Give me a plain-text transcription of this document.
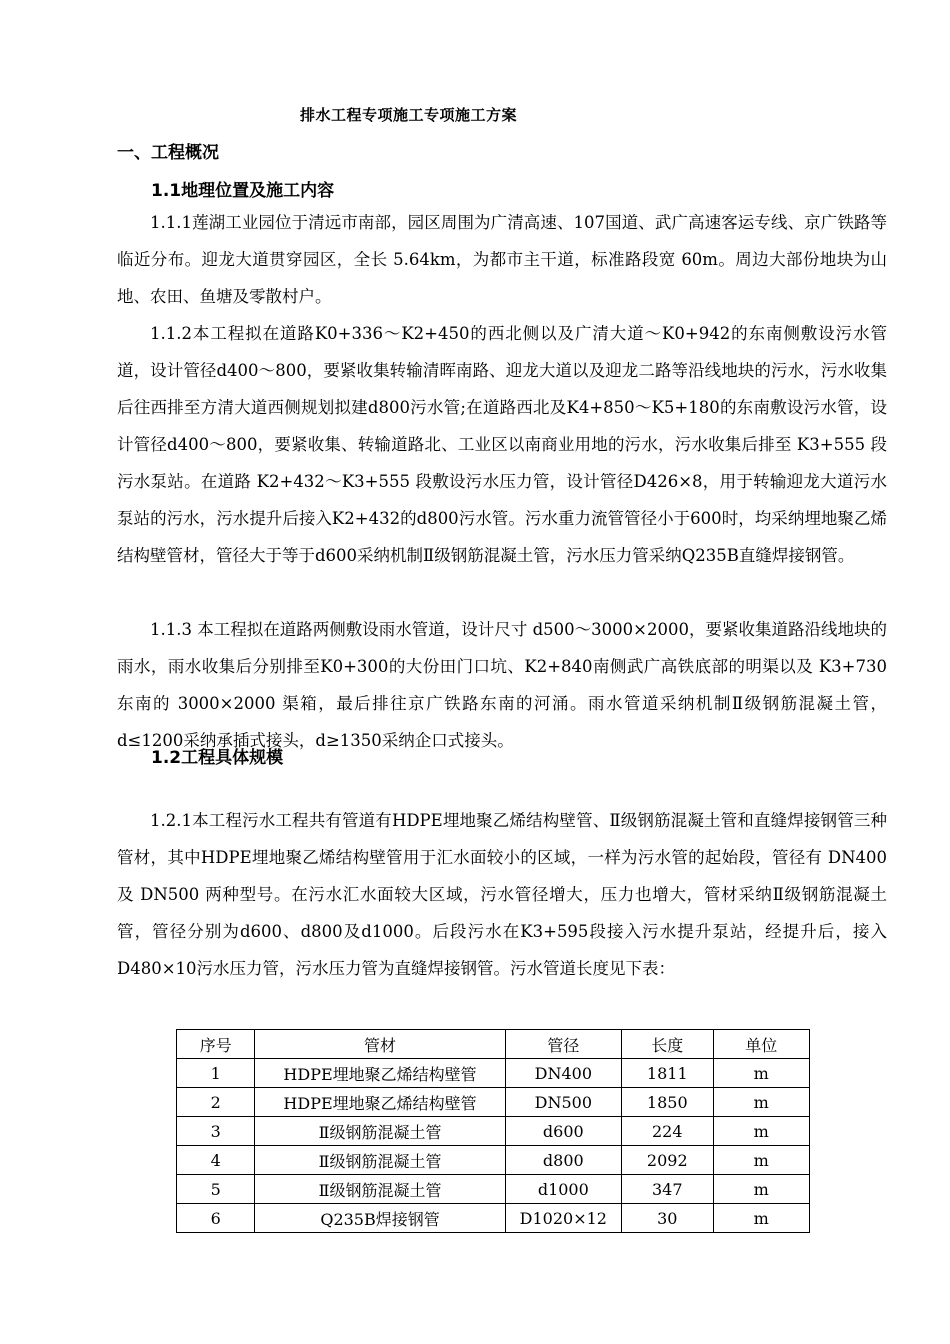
排水工程专项施工专项施工方案
一、工程概况
1.1地理位置及施工内容

1.1.1莲湖工业园位于清远市南部，园区周围为广清高速、107国道、武广高速客运专线、京广铁路等临近分布。迎龙大道贯穿园区，全长 5.64km，为都市主干道，标准路段宽 60m。周边大部份地块为山地、农田、鱼塘及零散村户。

1.1.2本工程拟在道路K0+336～K2+450的西北侧以及广清大道～K0+942的东南侧敷设污水管道，设计管径d400～800，要紧收集转输清晖南路、迎龙大道以及迎龙二路等沿线地块的污水，污水收集后往西排至方清大道西侧规划拟建d800污水管;在道路西北及K4+850～K5+180的东南敷设污水管，设计管径d400～800，要紧收集、转输道路北、工业区以南商业用地的污水，污水收集后排至 K3+555 段污水泵站。在道路 K2+432～K3+555 段敷设污水压力管，设计管径D426×8，用于转输迎龙大道污水泵站的污水，污水提升后接入K2+432的d800污水管。污水重力流管管径小于600时，均采纳埋地聚乙烯结构壁管材，管径大于等于d600采纳机制Ⅱ级钢筋混凝土管，污水压力管采纳Q235B直缝焊接钢管。

1.1.3 本工程拟在道路两侧敷设雨水管道，设计尺寸 d500～3000×2000，要紧收集道路沿线地块的雨水，雨水收集后分别排至K0+300的大份田门口坑、K2+840南侧武广高铁底部的明渠以及 K3+730 东南的 3000×2000 渠箱，最后排往京广铁路东南的河涌。雨水管道采纳机制Ⅱ级钢筋混凝土管，d≤1200采纳承插式接头，d≥1350采纳企口式接头。

1.2工程具体规模

1.2.1本工程污水工程共有管道有HDPE埋地聚乙烯结构壁管、Ⅱ级钢筋混凝土管和直缝焊接钢管三种管材，其中HDPE埋地聚乙烯结构壁管用于汇水面较小的区域，一样为污水管的起始段，管径有 DN400 及 DN500 两种型号。在污水汇水面较大区域，污水管径增大，压力也增大，管材采纳Ⅱ级钢筋混凝土管，管径分别为d600、d800及d1000。后段污水在K3+595段接入污水提升泵站，经提升后，接入D480×10污水压力管，污水压力管为直缝焊接钢管。污水管道长度见下表：

序号	管材	管径	长度	单位
1	HDPE埋地聚乙烯结构壁管	DN400	1811	m
2	HDPE埋地聚乙烯结构壁管	DN500	1850	m
3	Ⅱ级钢筋混凝土管	d600	224	m
4	Ⅱ级钢筋混凝土管	d800	2092	m
5	Ⅱ级钢筋混凝土管	d1000	347	m
6	Q235B焊接钢管	D1020×12	30	m
